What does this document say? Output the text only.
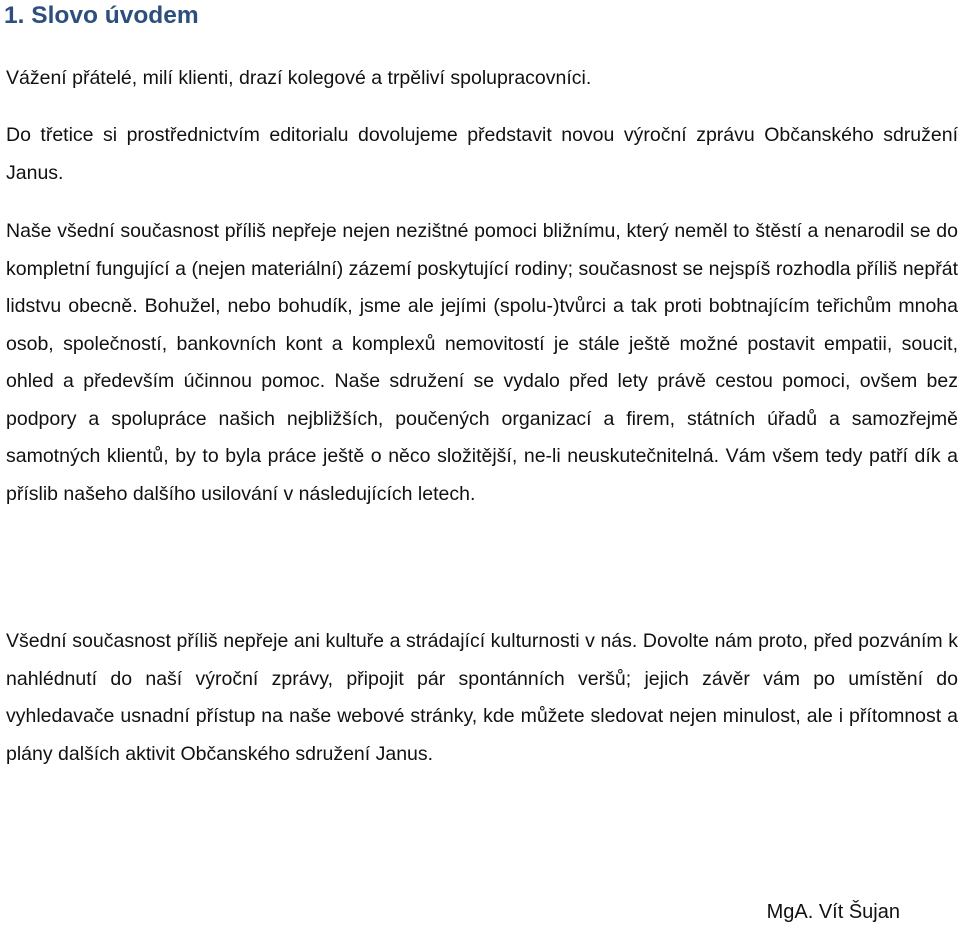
1. Slovo úvodem

Vážení přátelé, milí klienti, drazí kolegové a trpěliví spolupracovníci.

Do třetice si prostřednictvím editorialu dovolujeme představit novou výroční zprávu Občanského sdružení Janus.

Naše všední současnost příliš nepřeje nejen nezištné pomoci bližnímu, který neměl to štěstí a nenarodil se do kompletní fungující a (nejen materiální) zázemí poskytující rodiny; současnost se nejspíš rozhodla příliš nepřát lidstvu obecně. Bohužel, nebo bohudík, jsme ale jejími (spolu-)tvůrci a tak proti bobtnajícím teřichům mnoha osob, společností, bankovních kont a komplexů nemovitostí je stále ještě možné postavit empatii, soucit, ohled a především účinnou pomoc. Naše sdružení se vydalo před lety právě cestou pomoci, ovšem bez podpory a spolupráce našich nejbližších, poučených organizací a firem, státních úřadů a samozřejmě samotných klientů, by to byla práce ještě o něco složitější, ne-li neuskutečnitelná. Vám všem tedy patří dík a příslib našeho dalšího usilování v následujících letech.

Všední současnost příliš nepřeje ani kultuře a strádající kulturnosti v nás. Dovolte nám proto, před pozváním k nahlédnutí do naší výroční zprávy, připojit pár spontánních veršů; jejich závěr vám po umístění do vyhledavače usnadní přístup na naše webové stránky, kde můžete sledovat nejen minulost, ale i přítomnost a plány dalších aktivit Občanského sdružení Janus.

MgA. Vít Šujan
